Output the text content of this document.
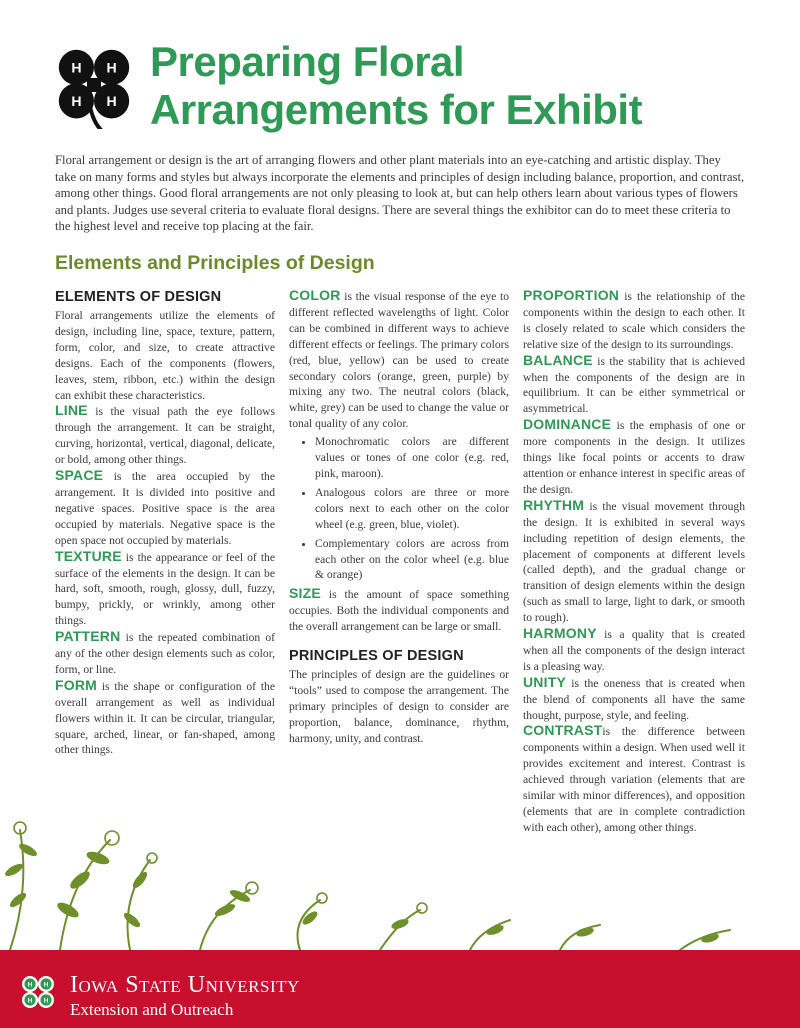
H H
H H
Preparing Floral
Arrangements for Exhibit

Floral arrangement or design is the art of arranging flowers and other plant materials into an eye-catching and artistic display. They take on many forms and styles but always incorporate the elements and principles of design including balance, proportion, and contrast, among other things. Good floral arrangements are not only pleasing to look at, but can help others learn about various types of flowers and plants. Judges use several criteria to evaluate floral designs. There are several things the exhibitor can do to meet these criteria to the highest level and receive top placing at the fair.

Elements and Principles of Design
ELEMENTS OF DESIGN

Floral arrangements utilize the elements of design, including line, space, texture, pattern, form, color, and size, to create attractive designs. Each of the components (flowers, leaves, stem, ribbon, etc.) within the design can exhibit these characteristics.

LINE is the visual path the eye follows through the arrangement. It can be straight, curving, horizontal, vertical, diagonal, delicate, or bold, among other things.

SPACE is the area occupied by the arrangement. It is divided into positive and negative spaces. Positive space is the area occupied by materials. Negative space is the open space not occupied by materials.

TEXTURE is the appearance or feel of the surface of the elements in the design. It can be hard, soft, smooth, rough, glossy, dull, fuzzy, bumpy, prickly, or wrinkly, among other things.

PATTERN is the repeated combination of any of the other design elements such as color, form, or line.

FORM is the shape or configuration of the overall arrangement as well as individual flowers within it. It can be circular, triangular, square, arched, linear, or fan-shaped, among other things.

COLOR is the visual response of the eye to different reflected wavelengths of light. Color can be combined in different ways to achieve different effects or feelings. The primary colors (red, blue, yellow) can be used to create secondary colors (orange, green, purple) by mixing any two. The neutral colors (black, white, grey) can be used to change the value or tonal quality of any color.

• Monochromatic colors are different values or tones of one color (e.g. red, pink, maroon).
• Analogous colors are three or more colors next to each other on the color wheel (e.g. green, blue, violet).
• Complementary colors are across from each other on the color wheel (e.g. blue & orange)

SIZE is the amount of space something occupies. Both the individual components and the overall arrangement can be large or small.

PRINCIPLES OF DESIGN

The principles of design are the guidelines or “tools” used to compose the arrangement. The primary principles of design to consider are proportion, balance, dominance, rhythm, harmony, unity, and contrast.

PROPORTION is the relationship of the components within the design to each other. It is closely related to scale which considers the relative size of the design to its surroundings.

BALANCE is the stability that is achieved when the components of the design are in equilibrium. It can be either symmetrical or asymmetrical.

DOMINANCE is the emphasis of one or more components in the design. It utilizes things like focal points or accents to draw attention or enhance interest in specific areas of the design.

RHYTHM is the visual movement through the design. It is exhibited in several ways including repetition of design elements, the placement of components at different levels (called depth), and the gradual change or transition of design elements within the design (such as small to large, light to dark, or smooth to rough).

HARMONY is a quality that is created when all the components of the design interact is a pleasing way.

UNITY is the oneness that is created when the blend of components all have the same thought, purpose, style, and feeling.

CONTRASTis the difference between components within a design. When used well it provides excitement and interest. Contrast is achieved through variation (elements that are similar with minor differences), and opposition (elements that are in complete contradiction with each other), among other things.

H H
H H

Iowa State University

Extension and Outreach
